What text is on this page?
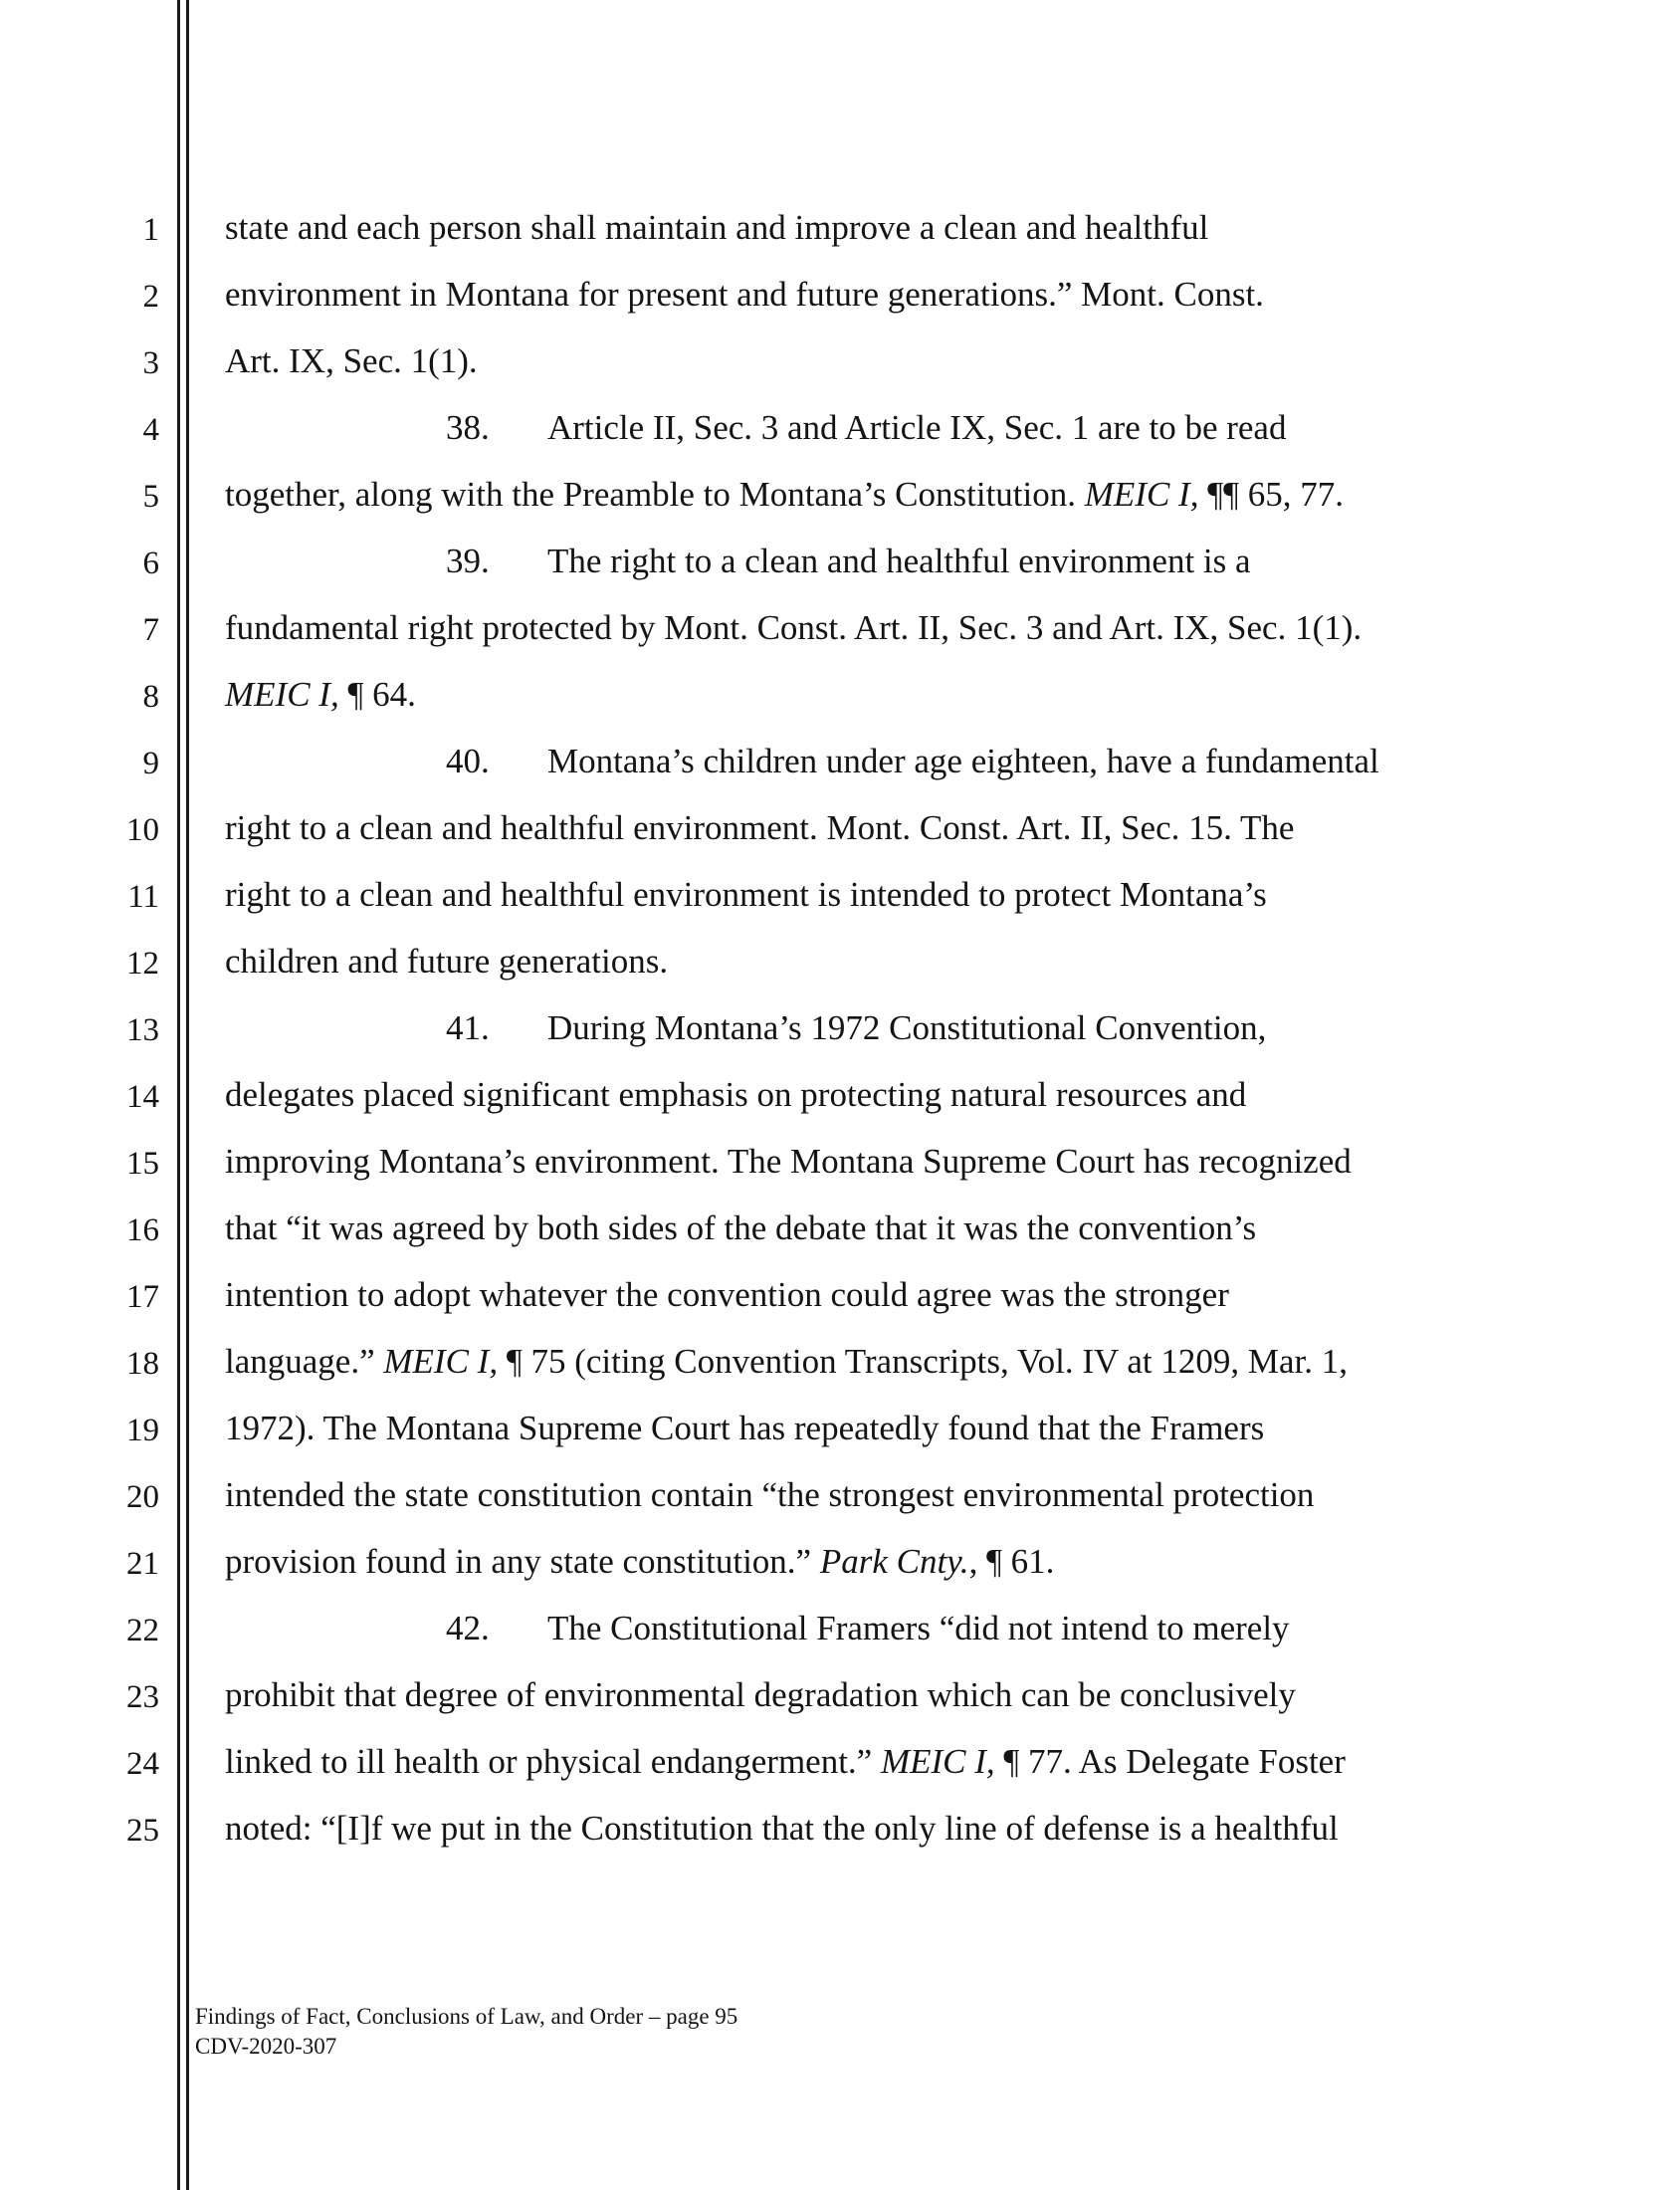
1
2
3
4
5
6
7
8
9
10
11
12
13
14
15
16
17
18
19
20
21
22
23
24
25
state and each person shall maintain and improve a clean and healthful
environment in Montana for present and future generations.” Mont. Const.
Art. IX, Sec. 1(1).
38. Article II, Sec. 3 and Article IX, Sec. 1 are to be read
together, along with the Preamble to Montana’s Constitution. MEIC I, ¶¶ 65, 77.
39. The right to a clean and healthful environment is a
fundamental right protected by Mont. Const. Art. II, Sec. 3 and Art. IX, Sec. 1(1).
MEIC I, ¶ 64.
40. Montana’s children under age eighteen, have a fundamental
right to a clean and healthful environment. Mont. Const. Art. II, Sec. 15. The
right to a clean and healthful environment is intended to protect Montana’s
children and future generations.
41. During Montana’s 1972 Constitutional Convention,
delegates placed significant emphasis on protecting natural resources and
improving Montana’s environment. The Montana Supreme Court has recognized
that “it was agreed by both sides of the debate that it was the convention’s
intention to adopt whatever the convention could agree was the stronger
language.” MEIC I, ¶ 75 (citing Convention Transcripts, Vol. IV at 1209, Mar. 1,
1972). The Montana Supreme Court has repeatedly found that the Framers
intended the state constitution contain “the strongest environmental protection
provision found in any state constitution.” Park Cnty., ¶ 61.
42. The Constitutional Framers “did not intend to merely
prohibit that degree of environmental degradation which can be conclusively
linked to ill health or physical endangerment.” MEIC I, ¶ 77. As Delegate Foster
noted: “[I]f we put in the Constitution that the only line of defense is a healthful
Findings of Fact, Conclusions of Law, and Order – page 95
CDV-2020-307
